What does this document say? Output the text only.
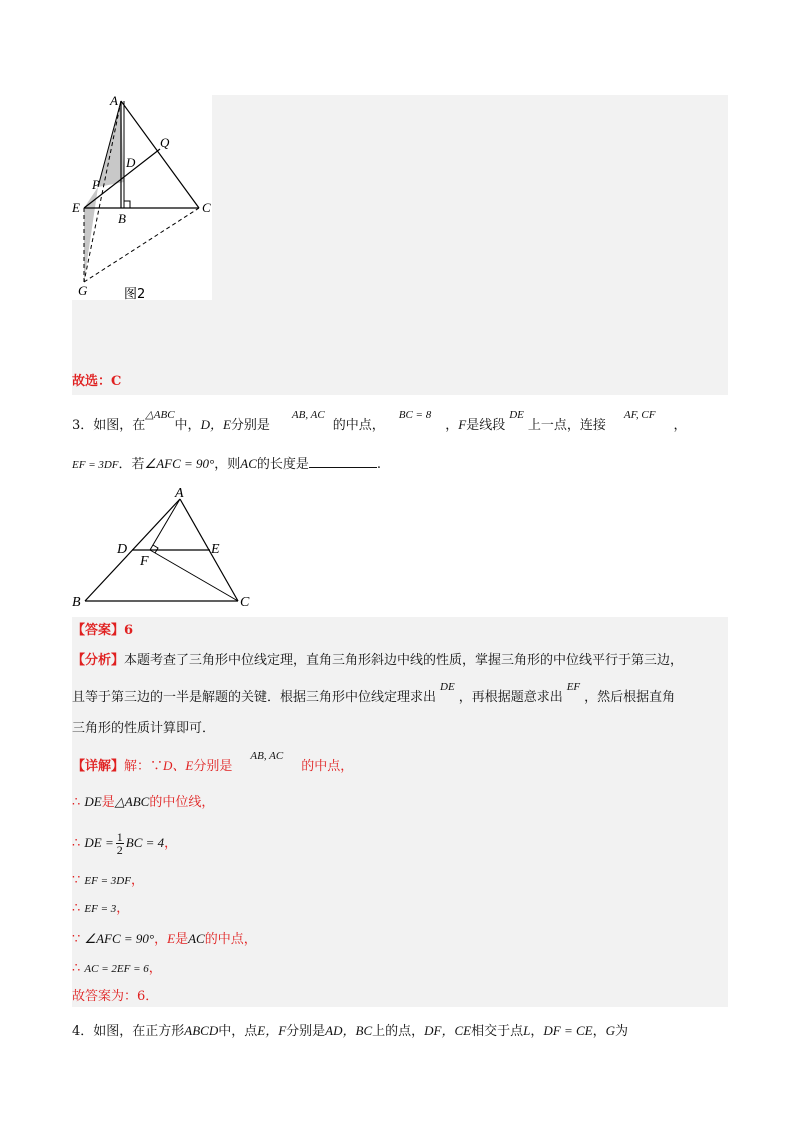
A
Q
D
P
E
B
C
G	图2
故选：C
3．如图，在$^{\triangle ABC}$中，D，E分别是$^{AB, AC}$的中点，$^{BC = 8}$，F是线段$^{DE}$上一点，连接$^{AF, CF}$，
EF = 3DF．若∠AFC = 90°，则AC的长度是	.
A
D	E
F
B	C
【答案】6
【分析】本题考查了三角形中位线定理，直角三角形斜边中线的性质，掌握三角形的中位线平行于第三边，
且等于第三边的一半是解题的关键．根据三角形中位线定理求出$^{DE}$，再根据题意求出$^{EF}$，然后根据直角
三角形的性质计算即可．
【详解】解：∵D、E分别是$^{AB, AC}$的中点，
∴ DE是△ABC的中位线，
∴ DE = $\frac{1}{2}$ BC = 4，
∵ EF = 3DF，
∴ EF = 3，
∵ ∠AFC = 90°，E是AC的中点，
∴ AC = 2EF = 6，
故答案为：6．
4．如图，在正方形ABCD中，点E，F分别是AD，BC上的点，DF，CE相交于点L，DF = CE，G为
